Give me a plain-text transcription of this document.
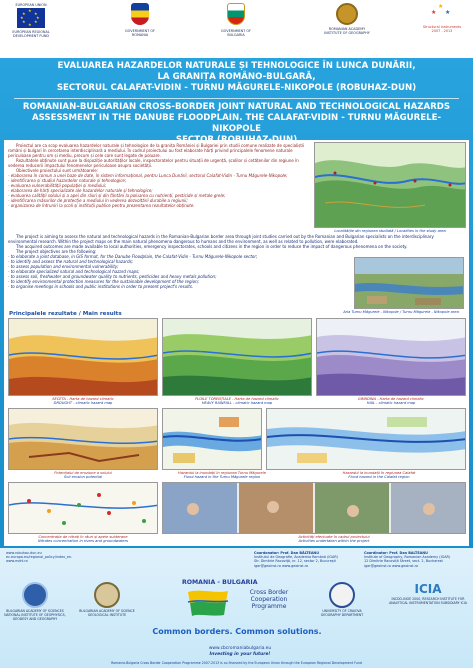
EUROPEAN UNION
★
★ ★
★	★
★ ★
★
EUROPEAN REGIONAL DEVELOPMENT FUND
GOVERNMENT OF ROMANIA
GOVERNMENT OF BULGARIA
ROMANIAN ACADEMY INSTITUTE OF GEOGRAPHY
★
★
★
Structural instruments
2007 - 2013
EVALUAREA HAZARDELOR NATURALE ȘI TEHNOLOGICE ÎN LUNCA DUNĂRII,
LA GRANIȚA ROMÂNO-BULGARĂ,
SECTORUL CALAFAT-VIDIN - TURNU MĂGURELE-NIKOPOLE (ROBUHAZ-DUN)
ROMANIAN-BULGARIAN CROSS-BORDER JOINT NATURAL AND TECHNOLOGICAL HAZARDS
ASSESSMENT IN THE DANUBE FLOODPLAIN. THE CALAFAT-VIDIN - TURNU MĂGURELE-NIKOPOLE

Proiectul are ca scop evaluarea hazardelor naturale și tehnologice de la granița României și Bulgariei prin studii comune realizate de specialiștii români și bulgari în cercetarea interdisciplinară a mediului. În cadrul proiectului au fost elaborate hărți privind principalele fenomene naturale periculoase pentru om și mediu, precum și cele care sunt legate de poluare.

Rezultatele obținute sunt puse la dispoziție autorităților locale, inspectoratelor pentru situații de urgență, școlilor și cetățenilor din regiune în vederea reducerii impactului fenomenelor periculoase asupra societății.

Obiectivele proiectului sunt următoarele:

- elaborarea în comun a unei baze de date, în sistem informațional, pentru Lunca Dunării, sectorul Calafat-Vidin - Turnu Măgurele-Nikopole;

- identificarea și studiul hazardelor naturale și tehnologice;

- evaluarea vulnerabilității populației și mediului;

- elaborarea de hărți specializate ale hazardelor naturale și tehnologice;

- evaluarea calității solului și a apei din râuri și din fântâni la poluarea cu nutrienți, pesticide și metale grele;

- identificarea măsurilor de protecție a mediului în vederea dezvoltării durabile a regiunii;

- organizarea de întruniri la școli și instituții publice pentru prezentarea rezultatelor obținute.

Localitățile din regiunea studiată / Localities in the study area

The project is aiming to assess the natural and technological hazards in the Romanian-Bulgarian border area through joint studies carried out by the Romanian and Bulgarian specialists on the interdisciplinary environmental research. Within the project maps on the main natural phenomena dangerous to humans and the environment, as well as related to pollution, were elaborated.

The acquired outcomes are made available to local authorities, emergency inspectorates, schools and citizens in the region in order to reduce the impact of dangerous phenomena on the society.

The project objectives are the following:

- to elaborate a joint database, in GIS format, for the Danube Floodplain, the Calafat-Vidin - Turnu Măgurele-Nikopole sector;

- to identify and assess the natural and technological hazards;

- to assess population and environmental vulnerability;

- to elaborate specialized natural and technological hazard maps;

- to assess soil, freshwater and groundwater quality to nutrients, pesticides and heavy metals pollution;

- to identify environmental protection measures for the sustainable development of the region;

- to organise meetings in schools and public institutions in order to present project's results.

Aria Turnu Măgurele - Nikopole / Turnu Măgurele - Nikopole area
Principalele rezultate / Main results
SECETA - Harta de hazard climatic
DROUGHT - climatic hazard map
PLOILE TORENȚIALE - Harta de hazard climatic
HEAVY RAINFALL - climatic hazard map
GRINDINA - Harta de hazard climatic
HAIL - climatic hazard map
Potențialul de eroziune a solului
Soil erosion potential
Hazardul la inundații în regiunea Turnu Măgurele
Flood hazard in the Turnu Măgurele region
Hazardul la inundații în regiunea Calafat
Flood hazard in the Calafat region
Concentrația de nitrați în râuri și apele subterane
Nitrates concentration in rivers and groundwaters
Activități efectuate în cadrul proiectului
Activities undertaken within the project
www.robuhaz-dun.eu
ec.europa.eu/regional_policy/index_en.
www.mdrt.ro
Coordonator: Prof. Dan BĂLTEANU
Institutul de Geografie, Academia Română (IGAR)
Str. Dimitrie Racoviță, nr. 12, sector 2, București
igar@geoinst.ro www.geoinst.ro
Coordinator: Prof. Dan BALTEANU
Institute of Geography, Romanian Academy (IGAR)
12 Dimitrie Racoviță Street, sect. 2, Bucharest
igar@geoinst.ro www.geoinst.ro
BULGARIAN ACADEMY OF SCIENCES NATIONAL INSTITUTE OF GEOPHYSICS, GEODESY AND GEOGRAPHY
BULGARIAN ACADEMY OF SCIENCE GEOLOGICAL INSTITUTE
ROMANIA - BULGARIA
Cross Border Cooperation Programme
UNIVERSITY OF CRAIOVA GEOGRAPHY DEPARTMENT
ICIA
INCDO-INOE 2000, RESEARCH INSTITUTE FOR ANALYTICAL INSTRUMENTATION SUBSIDIARY ICIA
Common borders. Common solutions.
www.cbcromaniabulgaria.eu
Investing in your future!
Romania-Bulgaria Cross Border Cooperation Programme 2007-2013 is co-financed by the European Union through the European Regional Development Fund
